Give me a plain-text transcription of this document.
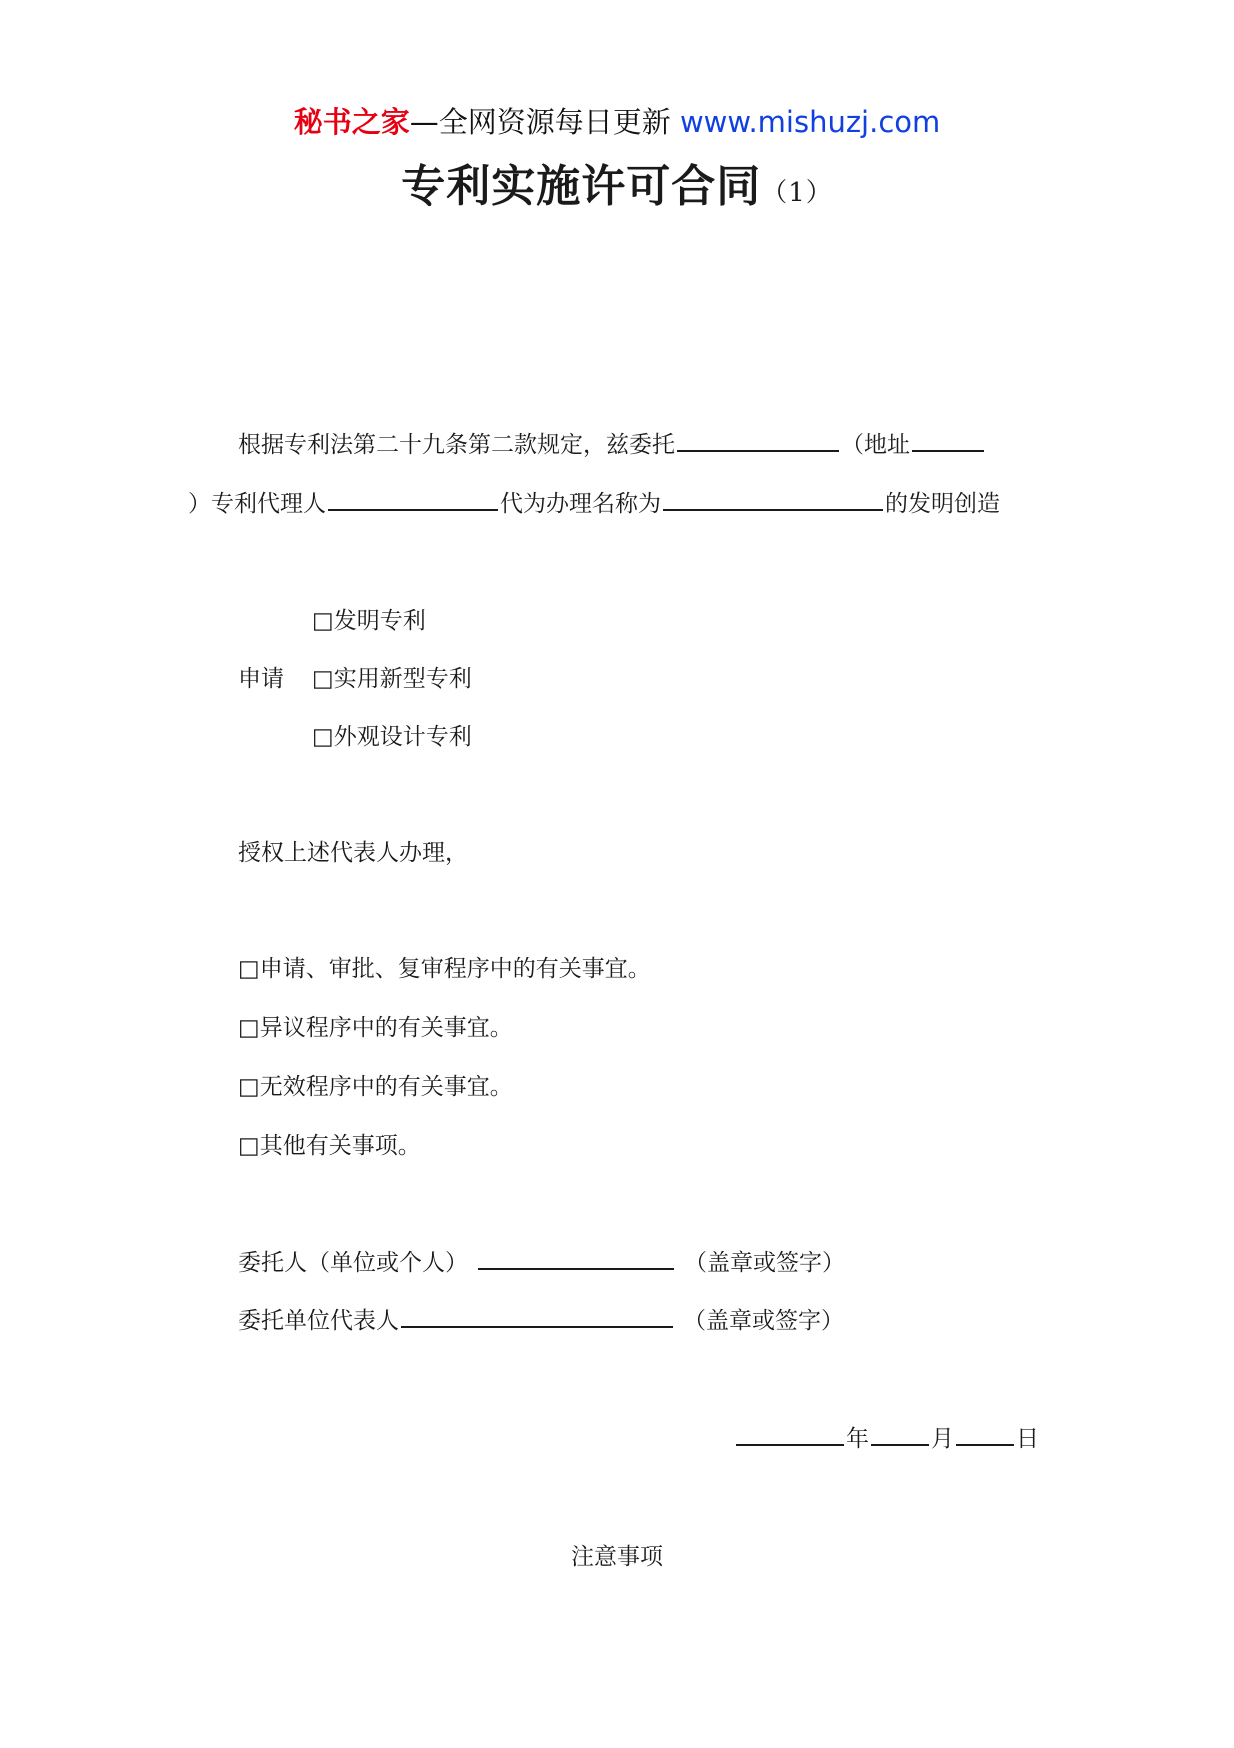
秘书之家—全网资源每日更新 www.mishuzj.com
专利实施许可合同（1）
根据专利法第二十九条第二款规定，兹委托	（地址
）专利代理人	代为办理名称为	的发明创造
□发明专利
申请 □实用新型专利
□外观设计专利
授权上述代表人办理，
□申请、审批、复审程序中的有关事宜。
□异议程序中的有关事宜。
□无效程序中的有关事宜。
□其他有关事项。
委托人（单位或个人）	（盖章或签字）
委托单位代表人	（盖章或签字）
年	月	日
注意事项
